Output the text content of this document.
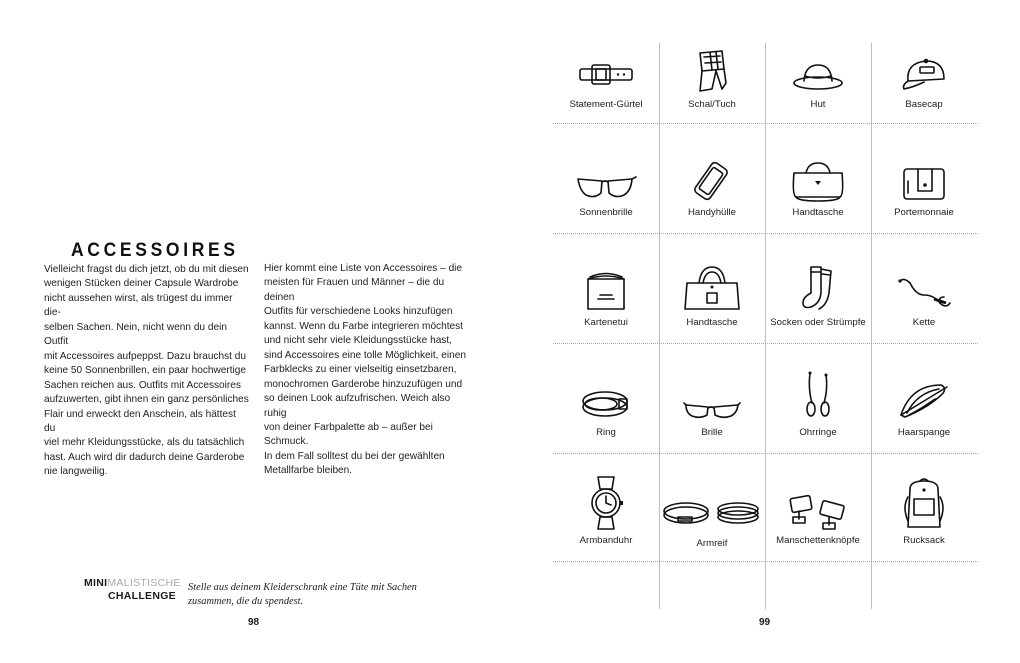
ACCESSOIRES
Vielleicht fragst du dich jetzt, ob du mit diesen
wenigen Stücken deiner Capsule Wardrobe
nicht aussehen wirst, als trügest du immer die-
selben Sachen. Nein, nicht wenn du dein Outfit
mit Accessoires aufpeppst. Dazu brauchst du
keine 50 Sonnenbrillen, ein paar hochwertige
Sachen reichen aus. Outfits mit Accessoires
aufzuwerten, gibt ihnen ein ganz persönliches
Flair und erweckt den Anschein, als hättest du
viel mehr Kleidungsstücke, als du tatsächlich
hast. Auch wird dir dadurch deine Garderobe
nie langweilig.
Hier kommt eine Liste von Accessoires – die
meisten für Frauen und Männer – die du deinen
Outfits für verschiedene Looks hinzufügen
kannst. Wenn du Farbe integrieren möchtest
und nicht sehr viele Kleidungsstücke hast,
sind Accessoires eine tolle Möglichkeit, einen
Farbklecks zu einer vielseitig einsetzbaren,
monochromen Garderobe hinzuzufügen und
so deinen Look aufzufrischen. Weich also ruhig
von deiner Farbpalette ab – außer bei Schmuck.
In dem Fall solltest du bei der gewählten
Metallfarbe bleiben.
MINIMALISTISCHE
CHALLENGE
Stelle aus deinem Kleiderschrank eine Tüte mit Sachen
zusammen, die du spendest.
98
Statement-Gürtel	Schal/Tuch	Hut	Basecap
Sonnenbrille	Handyhülle	Handtasche	Portemonnaie
Kartenetui	Handtasche	Socken oder Strümpfe	Kette
Ring	Brille	Ohrringe	Haarspange
Armbanduhr	Armreif	Manschettenknöpfe	Rucksack
99
